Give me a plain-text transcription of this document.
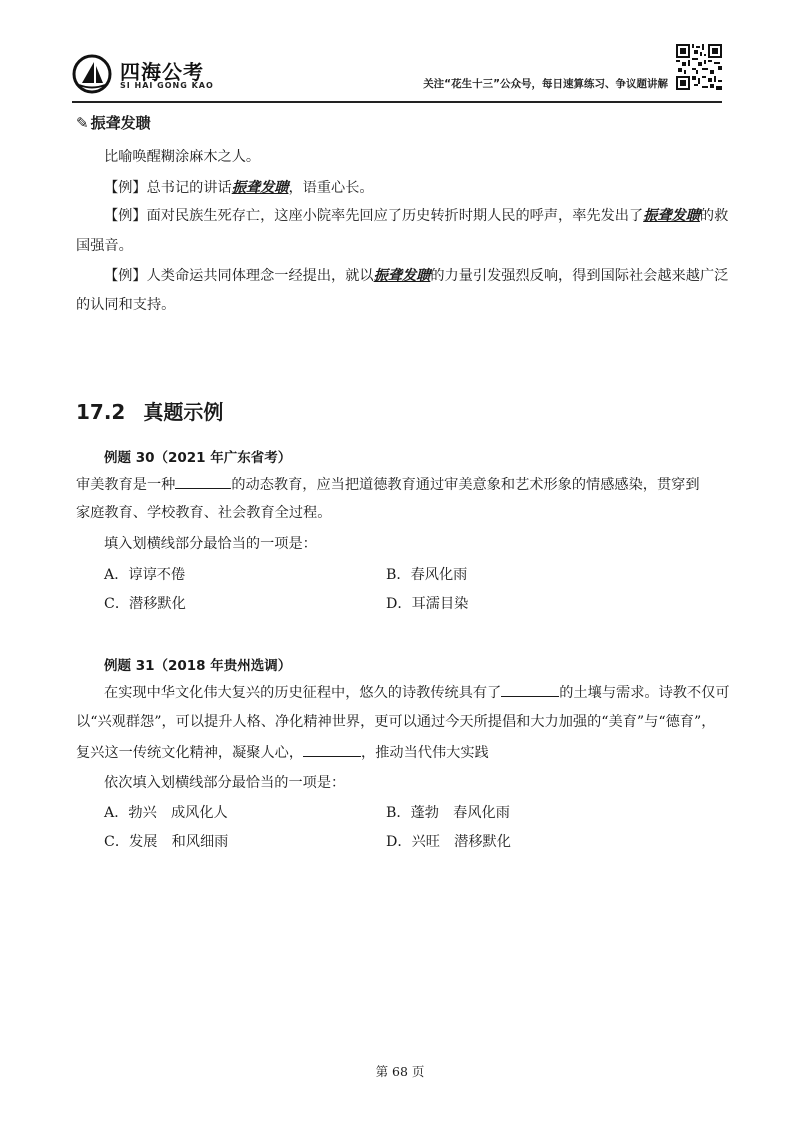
四海公考
SI HAI GONG KAO	关注“花生十三”公众号，每日速算练习、争议题讲解
✎ 振聋发聩
比喻唤醒糊涂麻木之人。
【例】总书记的讲话振聋发聩，语重心长。
【例】面对民族生死存亡，这座小院率先回应了历史转折时期人民的呼声，率先发出了振聋发聩的救
国强音。
【例】人类命运共同体理念一经提出，就以振聋发聩的力量引发强烈反响，得到国际社会越来越广泛
的认同和支持。
17.2 真题示例
例题 30（2021 年广东省考）
审美教育是一种	的动态教育，应当把道德教育通过审美意象和艺术形象的情感感染，贯穿到
家庭教育、学校教育、社会教育全过程。
填入划横线部分最恰当的一项是：
A．谆谆不倦	B．春风化雨
C．潜移默化	D．耳濡目染
例题 31（2018 年贵州选调）
在实现中华文化伟大复兴的历史征程中，悠久的诗教传统具有了	的土壤与需求。诗教不仅可
以“兴观群怨”，可以提升人格、净化精神世界，更可以通过今天所提倡和大力加强的“美育”与“德育”，
复兴这一传统文化精神，凝聚人心，	，推动当代伟大实践
依次填入划横线部分最恰当的一项是：
A．勃兴　成风化人	B．蓬勃　春风化雨
C．发展　和风细雨	D．兴旺　潜移默化
第 68 页
